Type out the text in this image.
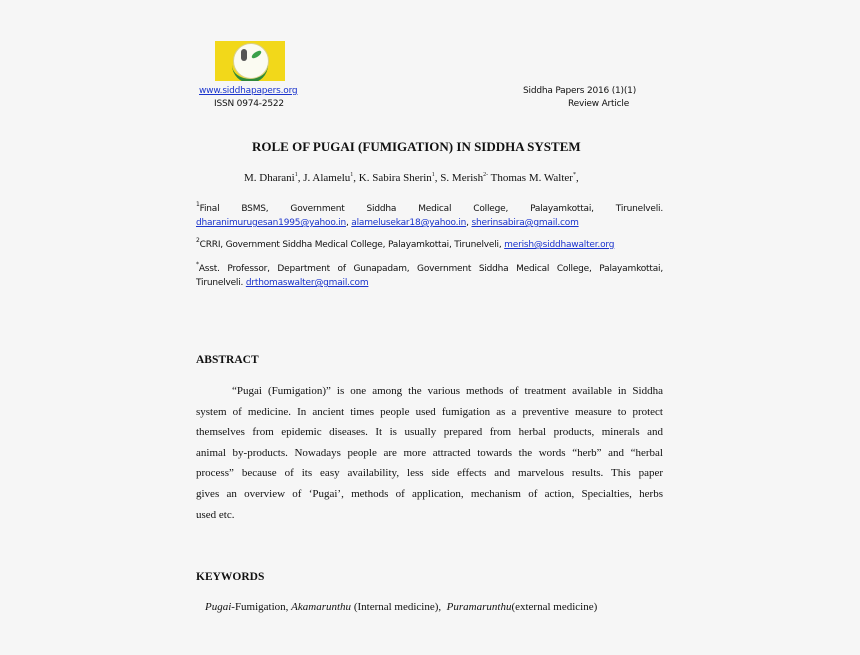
www.siddhapapers.org
ISSN 0974-2522
Siddha Papers 2016 (1)(1)
Review Article
ROLE OF PUGAI (FUMIGATION) IN SIDDHA SYSTEM
M. Dharani$^1$, J. Alamelu$^1$, K. Sabira Sherin$^1$, S. Merish$^{2-}$ Thomas M. Walter*,
$^1$Final BSMS, Government Siddha Medical College, Palayamkottai, Tirunelveli.
dharanimurugesan1995@yahoo.in, alamelusekar18@yahoo.in, sherinsabira@gmail.com
$^2$CRRI, Government Siddha Medical College, Palayamkottai, Tirunelveli, merish@siddhawalter.org
*Asst. Professor, Department of Gunapadam, Government Siddha Medical College, Palayamkottai,
Tirunelveli. drthomaswalter@gmail.com
ABSTRACT
“Pugai (Fumigation)” is one among the various methods of treatment available in Siddha
system of medicine. In ancient times people used fumigation as a preventive measure to protect
themselves from epidemic diseases. It is usually prepared from herbal products, minerals and
animal by-products. Nowadays people are more attracted towards the words “herb” and “herbal
process” because of its easy availability, less side effects and marvelous results. This paper
gives an overview of ‘Pugai’, methods of application, mechanism of action, Specialties, herbs
used etc.
KEYWORDS
Pugai-Fumigation, Akamarunthu (Internal medicine),  Puramarunthu(external medicine)
